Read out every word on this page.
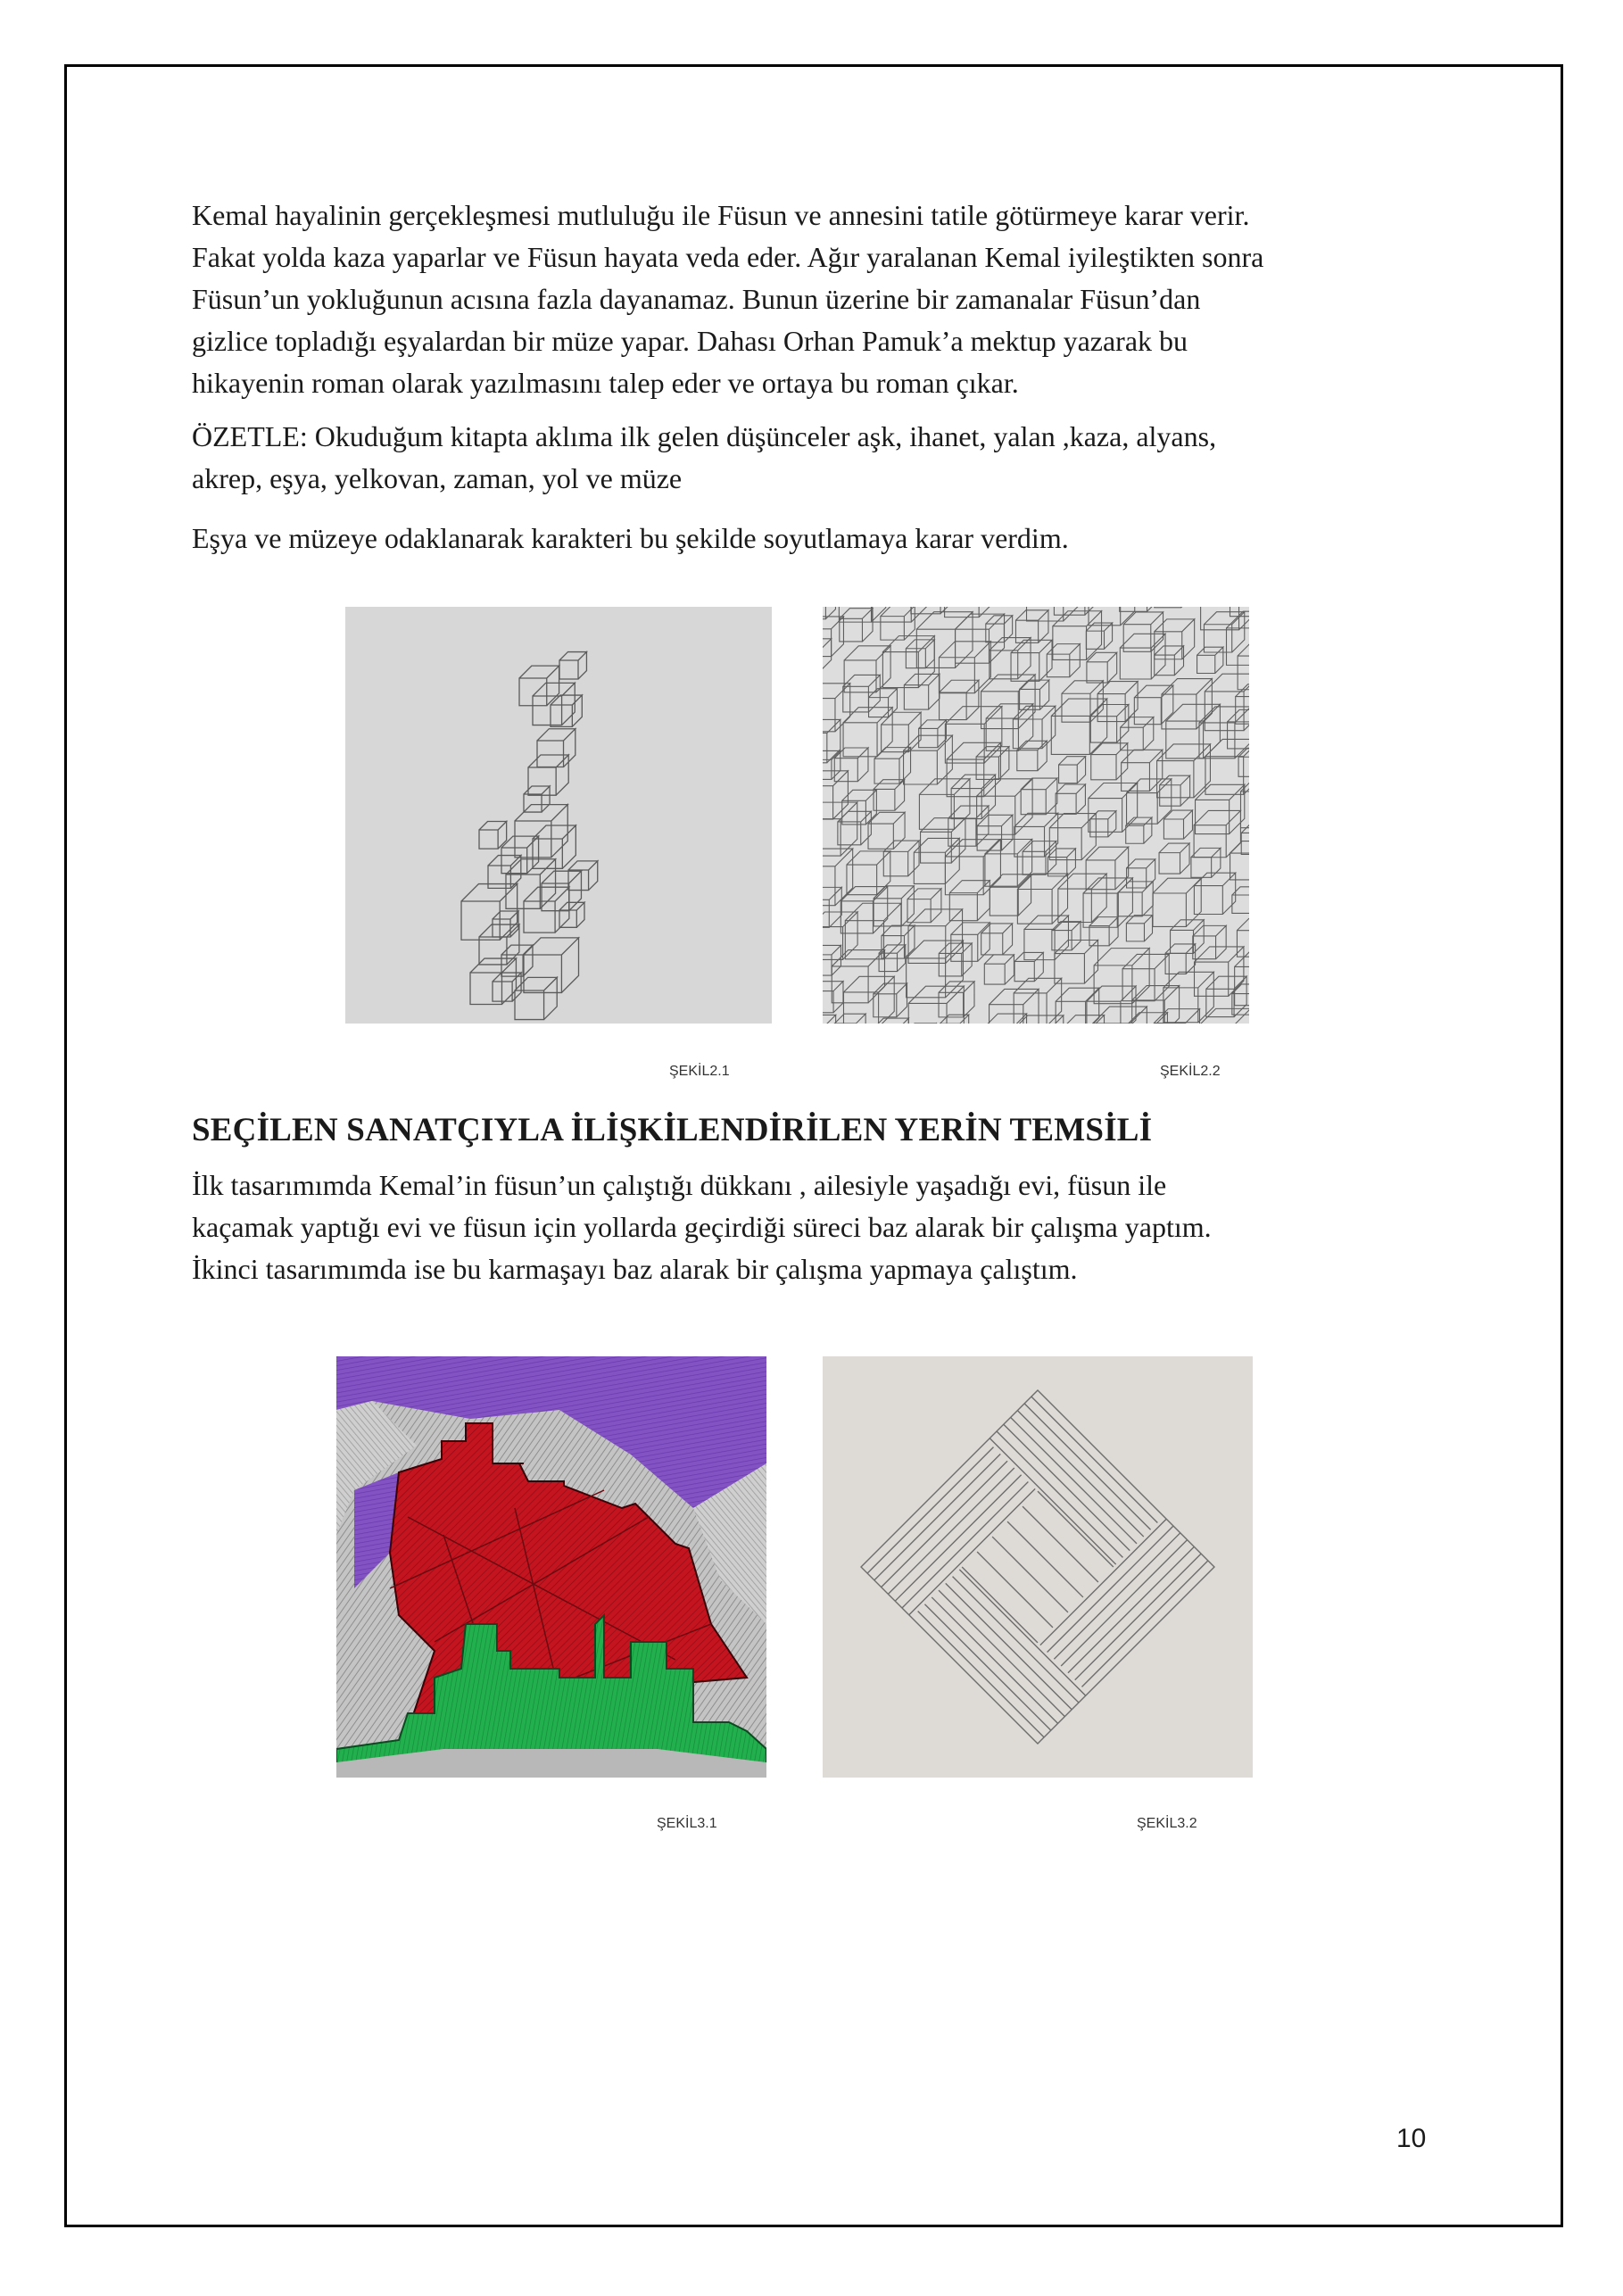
Kemal hayalinin gerçekleşmesi mutluluğu ile Füsun ve annesini tatile götürmeye karar verir.
Fakat yolda kaza yaparlar ve Füsun hayata veda eder. Ağır yaralanan Kemal iyileştikten sonra
Füsun’un yokluğunun acısına fazla dayanamaz. Bunun üzerine bir zamanalar Füsun’dan
gizlice topladığı eşyalardan bir müze yapar. Dahası Orhan Pamuk’a mektup yazarak bu
hikayenin roman olarak yazılmasını talep eder ve ortaya bu roman çıkar.

ÖZETLE: Okuduğum kitapta aklıma ilk gelen düşünceler aşk, ihanet, yalan ,kaza, alyans,
akrep, eşya, yelkovan, zaman, yol ve müze

Eşya ve müzeye odaklanarak karakteri bu şekilde soyutlamaya karar verdim.

ŞEKİL2.1	ŞEKİL2.2
SEÇİLEN SANATÇIYLA İLİŞKİLENDİRİLEN YERİN TEMSİLİ

İlk tasarımımda Kemal’in füsun’un çalıştığı dükkanı , ailesiyle yaşadığı evi, füsun ile
kaçamak yaptığı evi ve füsun için yollarda geçirdiği süreci baz alarak bir çalışma yaptım.
İkinci tasarımımda ise bu karmaşayı baz alarak bir çalışma yapmaya çalıştım.

ŞEKİL3.1	ŞEKİL3.2
10
